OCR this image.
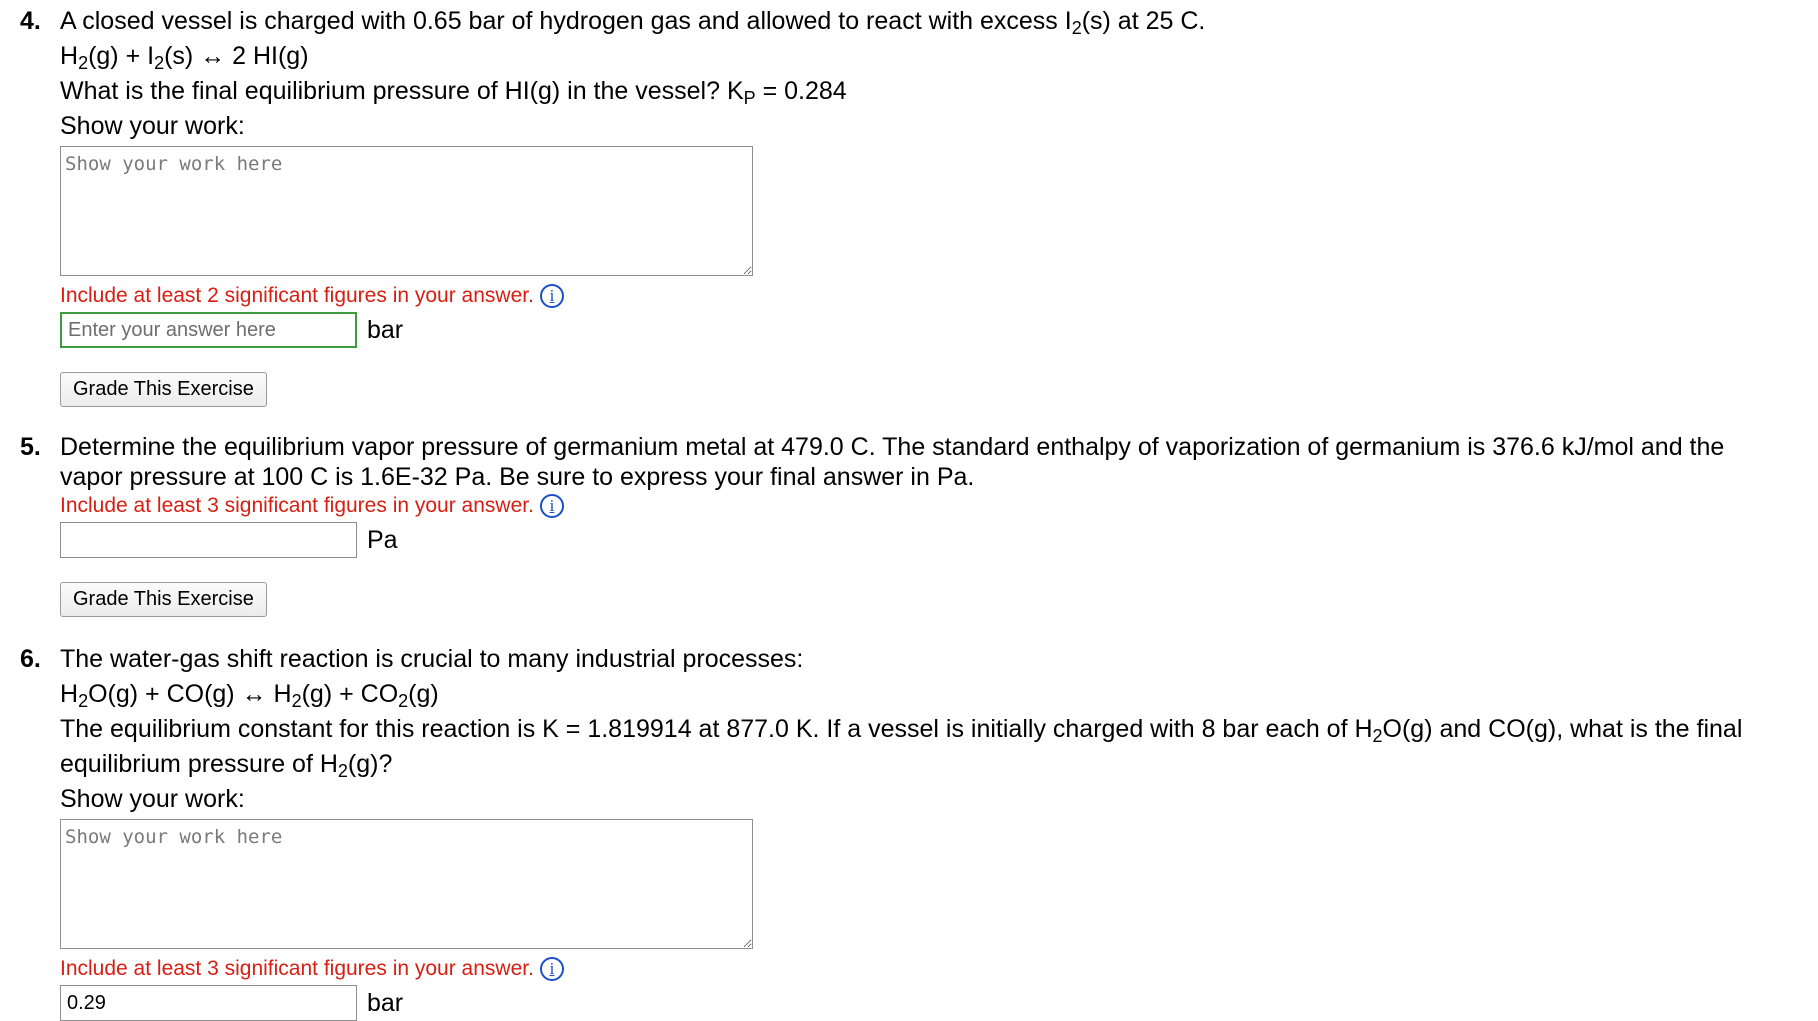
4. A closed vessel is charged with 0.65 bar of hydrogen gas and allowed to react with excess $I_2(s)$ at 25 C.
$H_2(g) + I_2(s)$ ↔ 2 HI(g)
What is the final equilibrium pressure of HI(g) in the vessel? $K_P = 0.284$
Show your work:
Show your work here
Include at least 2 significant figures in your answer. i
Enter your answer here
bar
Grade This Exercise
5. Determine the equilibrium vapor pressure of germanium metal at 479.0 C. The standard enthalpy of vaporization of germanium is 376.6 kJ/mol and the vapor pressure at 100 C is 1.6E-32 Pa. Be sure to express your final answer in Pa.
Include at least 3 significant figures in your answer. i
Pa
Grade This Exercise
6. The water-gas shift reaction is crucial to many industrial processes:
$H_2O(g) + CO(g)$ ↔ $H_2(g) + CO_2(g)$
The equilibrium constant for this reaction is K = 1.819914 at 877.0 K. If a vessel is initially charged with 8 bar each of $H_2O(g)$ and CO(g), what is the final equilibrium pressure of $H_2(g)$?
Show your work:
Show your work here
Include at least 3 significant figures in your answer. i
0.29
bar
